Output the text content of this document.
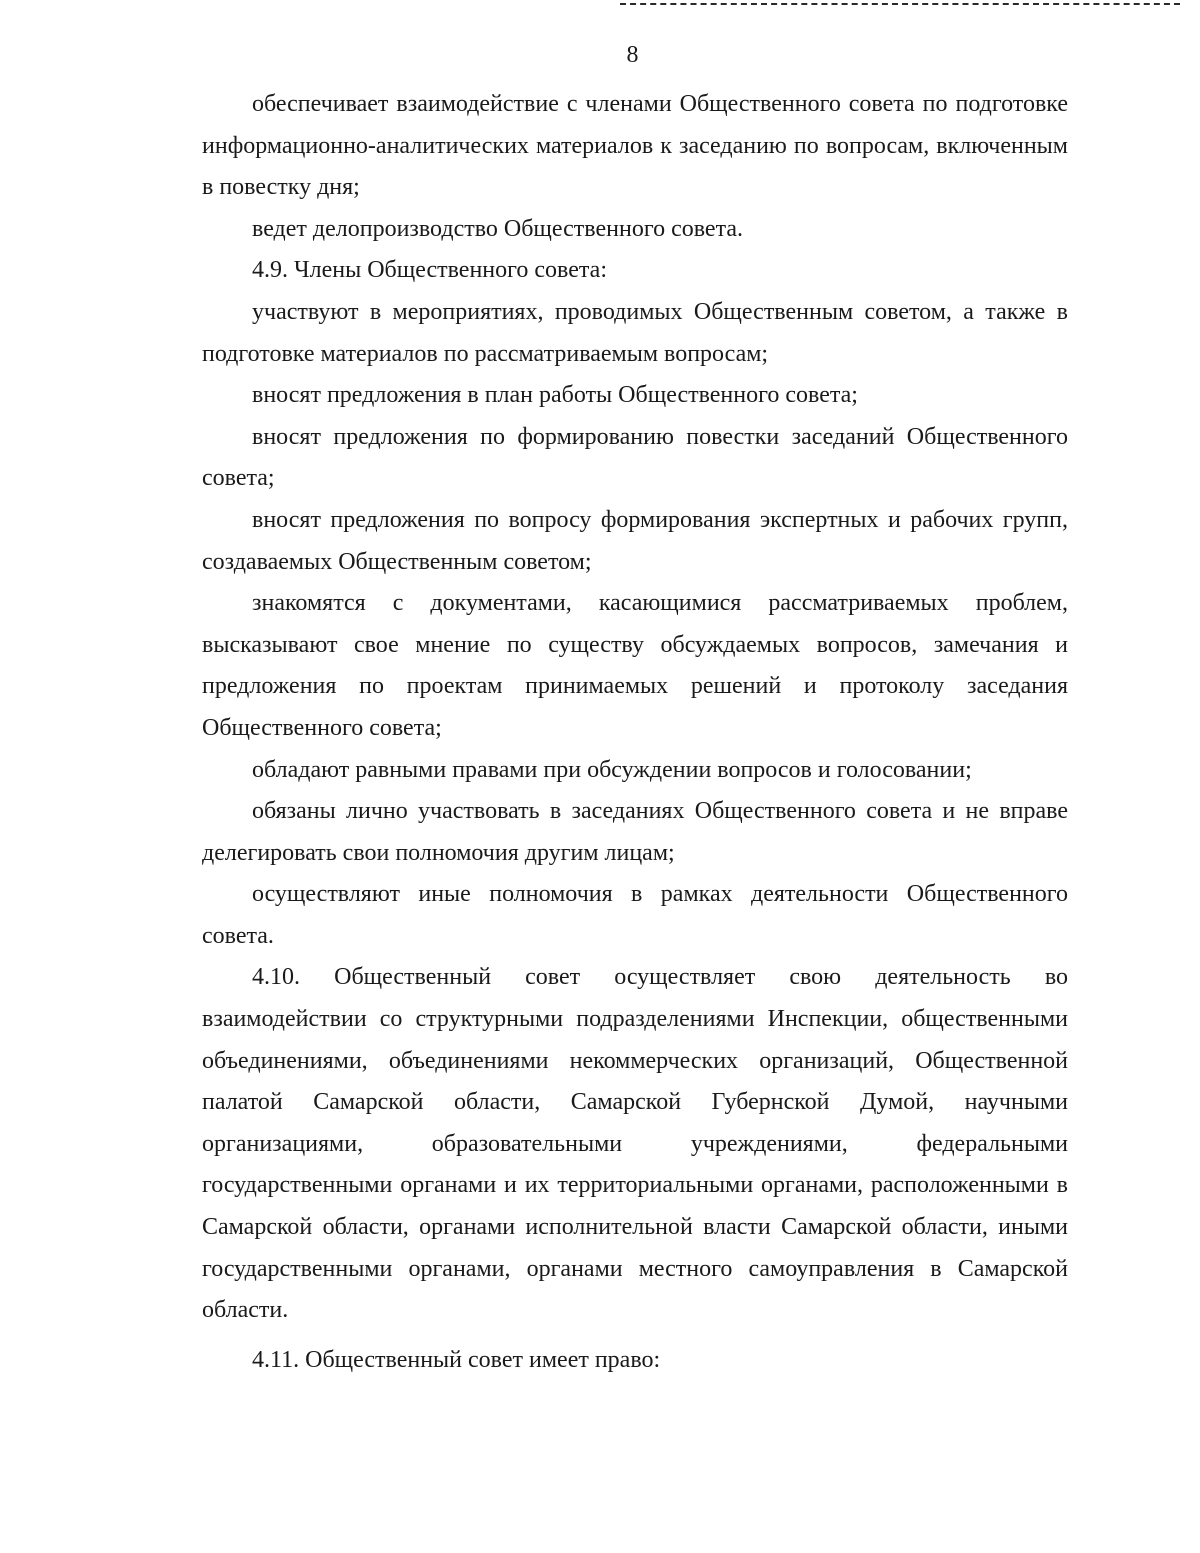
8

обеспечивает взаимодействие с членами Общественного совета по подготовке информационно-аналитических материалов к заседанию по вопросам, включенным в повестку дня;

ведет делопроизводство Общественного совета.

4.9. Члены Общественного совета:

участвуют в мероприятиях, проводимых Общественным советом, а также в подготовке материалов по рассматриваемым вопросам;

вносят предложения в план работы Общественного совета;

вносят предложения по формированию повестки заседаний Общественного совета;

вносят предложения по вопросу формирования экспертных и рабочих групп, создаваемых Общественным советом;

знакомятся с документами, касающимися рассматриваемых проблем, высказывают свое мнение по существу обсуждаемых вопросов, замечания и предложения по проектам принимаемых решений и протоколу заседания Общественного совета;

обладают равными правами при обсуждении вопросов и голосовании;

обязаны лично участвовать в заседаниях Общественного совета и не вправе делегировать свои полномочия другим лицам;

осуществляют иные полномочия в рамках деятельности Общественного совета.

4.10. Общественный совет осуществляет свою деятельность во взаимодействии со структурными подразделениями Инспекции, общественными объединениями, объединениями некоммерческих организаций, Общественной палатой Самарской области, Самарской Губернской Думой, научными организациями, образовательными учреждениями, федеральными государственными органами и их территориальными органами, расположенными в Самарской области, органами исполнительной власти Самарской области, иными государственными органами, органами местного самоуправления в Самарской области.

4.11. Общественный совет имеет право:
